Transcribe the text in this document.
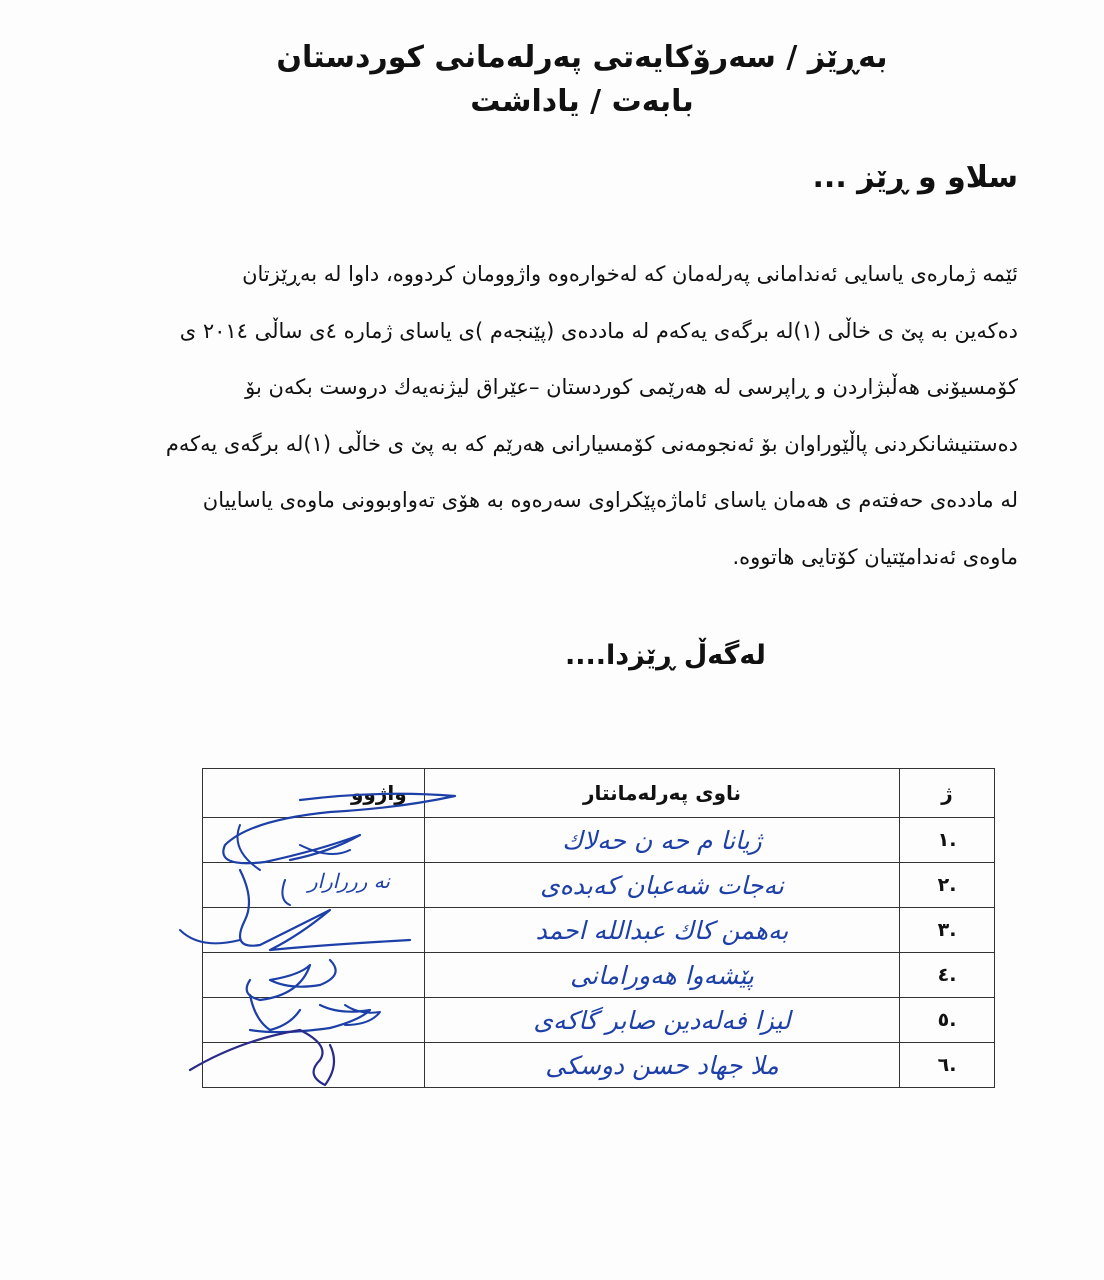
بەڕێز / سەرۆكایەتی پەرلەمانی كوردستان
بابەت / یاداشت
سلاو و ڕێز ...
ئێمە ژمارەی یاسایی ئەندامانی پەرلەمان كە لەخوارەوە واژوومان كردووە، داوا لە بەڕێزتان
دەكەین بە پێ ی خاڵی (١)لە برگەی یەكەم لە ماددەی (پێنجەم )ی یاسای ژمارە ٤ی ساڵی ٢٠١٤ ی
كۆمسیۆنی هەڵبژاردن و ڕاپرسی لە هەرێمی كوردستان –عێراق لیژنەیەك دروست بكەن بۆ
دەستنیشانكردنی پاڵێوراوان بۆ ئەنجومەنی كۆمسیارانی هەرێم كە بە پێ ی خاڵی (١)لە برگەی یەكەم
لە ماددەی حەفتەم ی هەمان یاسای ئاماژەپێكراوی سەرەوە بە هۆی تەواوبوونی ماوەی یاساییان
ماوەی ئەندامێتیان كۆتایی هاتووە.
لەگەڵ ڕێزدا....
ژ	ناوی پەرلەمانتار	واژوو
.١	ژیانا م حە ن حەلاك	
.٢	نەجات شەعبان كەبدەی	
.٣	بەهمن كاك عبدالله احمد	
.٤	پێشەوا هەورامانی	
.٥	لیزا فەلەدین صابر گاکەی	
.٦	ملا جهاد حسن دوسكی	
نە رررارار
